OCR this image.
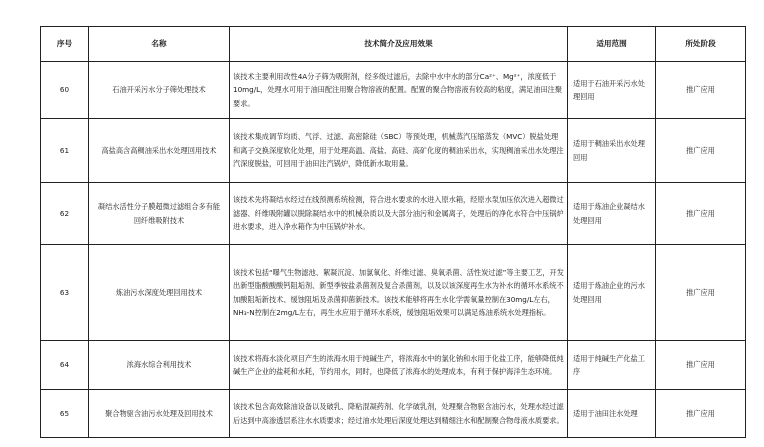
序号	名称	技术简介及应用效果	适用范围	所处阶段
60	石油开采污水分子筛处理技术	该技术主要利用改性4A分子筛为吸附剂，经多级过滤后，去除中水中水的部分Ca²⁺、Mg²⁺，浓度低于10mg/L，处理水可用于油田配注用聚合物溶液的配置。配置的聚合物溶液有较高的粘度，满足油田注聚要求。	适用于石油开采污水处理回用	推广应用
61	高盐高含高稠油采出水处理回用技术	该技术集成调节均质、气浮、过滤、高密除硅（SBC）等预处理，机械蒸汽压缩蒸发（MVC）脱盐处理和离子交换深度软化处理，用于处理高温、高盐、高硅、高矿化度的稠油采出水，实现稠油采出水处理注汽深度脱盐，可回用于油田注汽锅炉，降低新水取用量。	适用于稠油采出水处理回用	推广应用
62	凝结水活性分子膜超微过滤组合多有能回纤维吸附技术	该技术先将凝结水经过在线预测系统检测，符合进水要求的水进入原水箱，经原水泵加压依次进入超微过滤器、纤维吸附罐以脱除凝结水中的机械杂质以及大部分油污和金属离子，处理后的净化水符合中压锅炉进水要求，进入净水箱作为中压锅炉补水。	适用于炼油企业凝结水处理回用	推广应用
63	炼油污水深度处理回用技术	该技术包括“曝气生物滤池、絮凝沉淀、加氯氧化、纤维过滤、臭氧杀菌、活性炭过滤”等主要工艺，开发出新型脂酸酸酸钙阻垢剂、新型季铵盐杀菌剂及复合杀菌剂，以及以该深度再生水为补水的循环水系统不加酸阻垢新技术、缓蚀阻垢及杀菌抑菌新技术。该技术能够将再生水化学需氧量控制在30mg/L左右，NH₃-N控制在2mg/L左右，再生水应用于循环水系统，缓蚀阻垢效果可以满足炼油系统水处理指标。	适用于炼油企业的污水处理回用	推广应用
64	浓海水综合利用技术	该技术将海水淡化项目产生的浓海水用于纯碱生产，将浓海水中的氯化钠和水用于化盐工序，能够降低纯碱生产企业的盐耗和水耗，节约用水，同时，也降低了浓海水的处理成本，有利于保护海洋生态环境。	适用于纯碱生产化盐工序	推广应用
65	聚合物驱含油污水处理及回用技术	该技术包含高效除油设备以及破乳、降粘混凝药剂、化学破乳剂，处理聚合物驱含油污水，处理水经过滤后达到中高渗透层系注水水质要求；经过油水处理后深度处理达到精细注水和配制聚合物母液水质要求。	适用于油田注水处理	推广应用
